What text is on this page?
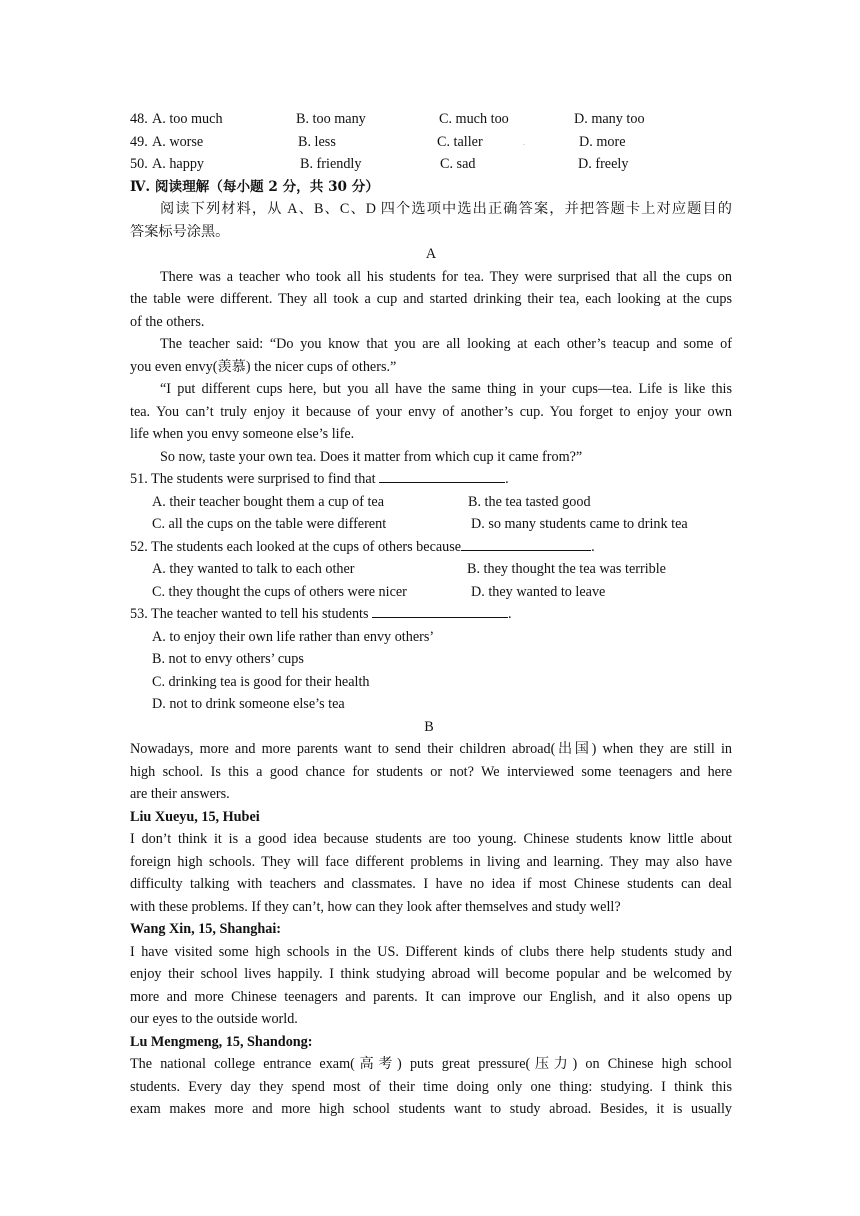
48. A. too much	B. too many	C. much too	D. many too
49. A. worse	B. less	C. taller	.	D. more
50. A. happy	B. friendly	C. sad	D. freely
Ⅳ. 阅读理解（每小题 2 分，共 30 分）
阅读下列材料，从 A、B、C、D 四个选项中选出正确答案，并把答题卡上对应题目的
答案标号涂黑。
A
There was a teacher who took all his students for tea. They were surprised that all the cups on
the table were different. They all took a cup and started drinking their tea, each looking at the cups
of the others.
The teacher said: “Do you know that you are all looking at each other’s teacup and some of
you even envy(羡慕) the nicer cups of others.”
“I put different cups here, but you all have the same thing in your cups—tea. Life is like this
tea. You can’t truly enjoy it because of your envy of another’s cup. You forget to enjoy your own
life when you envy someone else’s life.
So now, taste your own tea. Does it matter from which cup it came from?”
51. The students were surprised to find that	.
A. their teacher bought them a cup of tea	B. the tea tasted good
C. all the cups on the table were different	D. so many students came to drink tea
52. The students each looked at the cups of others because	.
A. they wanted to talk to each other	B. they thought the tea was terrible
C. they thought the cups of others were nicer	D. they wanted to leave
53. The teacher wanted to tell his students	.
A. to enjoy their own life rather than envy others’
B. not to envy others’ cups
C. drinking tea is good for their health
D. not to drink someone else’s tea
B
Nowadays, more and more parents want to send their children abroad(出国) when they are still in
high school. Is this a good chance for students or not? We interviewed some teenagers and here
are their answers.
Liu Xueyu, 15, Hubei
I don’t think it is a good idea because students are too young. Chinese students know little about
foreign high schools. They will face different problems in living and learning. They may also have
difficulty talking with teachers and classmates. I have no idea if most Chinese students can deal
with these problems. If they can’t, how can they look after themselves and study well?
Wang Xin, 15, Shanghai:
I have visited some high schools in the US. Different kinds of clubs there help students study and
enjoy their school lives happily. I think studying abroad will become popular and be welcomed by
more and more Chinese teenagers and parents. It can improve our English, and it also opens up
our eyes to the outside world.
Lu Mengmeng, 15, Shandong:
The national college entrance exam(高考) puts great pressure(压力) on Chinese high school
students. Every day they spend most of their time doing only one thing: studying. I think this
exam makes more and more high school students want to study abroad. Besides, it is usually
